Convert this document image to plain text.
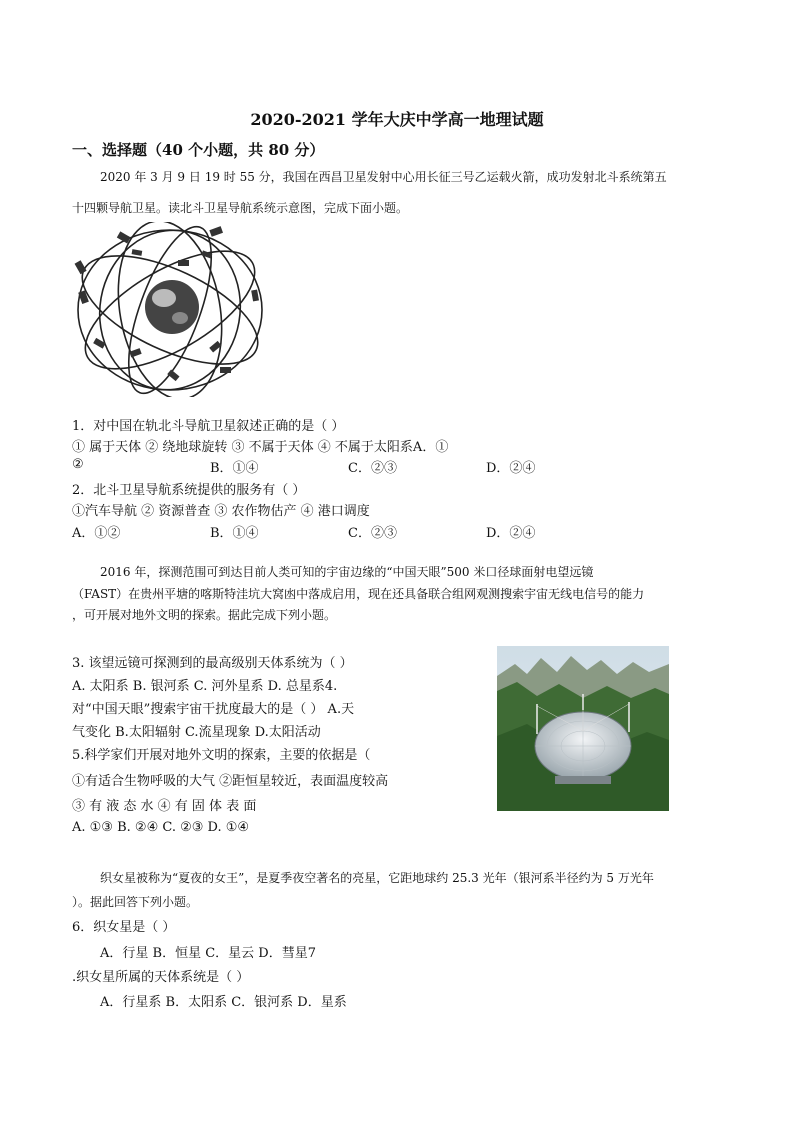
2020-2021 学年大庆中学高一地理试题
一、选择题（40 个小题，共 80 分）
2020 年 3 月 9 日 19 时 55 分，我国在西昌卫星发射中心用长征三号乙运载火箭，成功发射北斗系统第五
十四颗导航卫星。读北斗卫星导航系统示意图，完成下面小题。
1．对中国在轨北斗导航卫星叙述正确的是（ ）
① 属于天体 ② 绕地球旋转 ③ 不属于天体 ④ 不属于太阳系A．①
②	B．①④	C．②③	D．②④
2．北斗卫星导航系统提供的服务有（ ）
①汽车导航 ② 资源普查 ③ 农作物估产 ④ 港口调度
A．①②	B．①④	C．②③	D．②④
2016 年，探测范围可到达目前人类可知的宇宙边缘的“中国天眼”500 米口径球面射电望远镜
（FAST）在贵州平塘的喀斯特洼坑大窝凼中落成启用，现在还具备联合组网观测搜索宇宙无线电信号的能力
，可开展对地外文明的探索。据此完成下列小题。
3. 该望远镜可探测到的最高级别天体系统为（ ）
A. 太阳系 B. 银河系 C. 河外星系 D. 总星系4.
对“中国天眼”搜索宇宙干扰度最大的是（ ） A.天
气变化 B.太阳辐射 C.流星现象 D.太阳活动
5.科学家们开展对地外文明的探索，主要的依据是（
①有适合生物呼吸的大气 ②距恒星较近，表面温度较高
③ 有 液 态 水 ④ 有 固 体 表 面
A. ①③ B. ②④ C. ②③ D. ①④
织女星被称为“夏夜的女王”，是夏季夜空著名的亮星，它距地球约 25.3 光年（银河系半径约为 5 万光年
）。据此回答下列小题。
6．织女星是（ ）
A．行星 B．恒星 C．星云 D．彗星7
.织女星所属的天体系统是（ ）
A．行星系 B．太阳系 C．银河系 D．星系
